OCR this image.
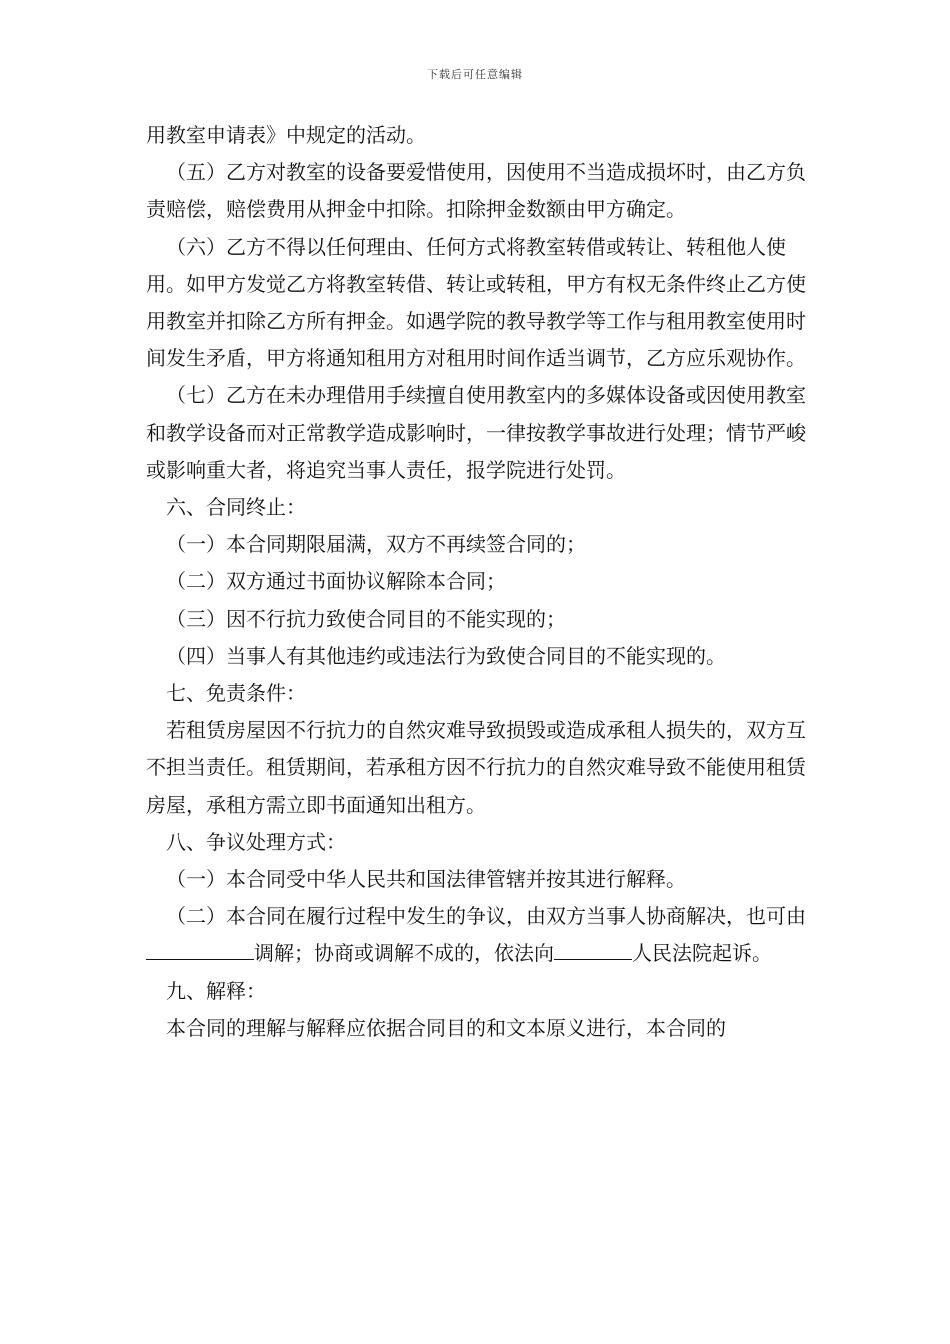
下载后可任意编辑

用教室申请表》中规定的活动。

（五）乙方对教室的设备要爱惜使用，因使用不当造成损坏时，由乙方负责赔偿，赔偿费用从押金中扣除。扣除押金数额由甲方确定。

（六）乙方不得以任何理由、任何方式将教室转借或转让、转租他人使用。如甲方发觉乙方将教室转借、转让或转租，甲方有权无条件终止乙方使用教室并扣除乙方所有押金。如遇学院的教导教学等工作与租用教室使用时间发生矛盾，甲方将通知租用方对租用时间作适当调节，乙方应乐观协作。

（七）乙方在未办理借用手续擅自使用教室内的多媒体设备或因使用教室和教学设备而对正常教学造成影响时，一律按教学事故进行处理；情节严峻或影响重大者，将追究当事人责任，报学院进行处罚。

六、合同终止：

（一）本合同期限届满，双方不再续签合同的；

（二）双方通过书面协议解除本合同；

（三）因不行抗力致使合同目的不能实现的；

（四）当事人有其他违约或违法行为致使合同目的不能实现的。

七、免责条件：

若租赁房屋因不行抗力的自然灾难导致损毁或造成承租人损失的，双方互不担当责任。租赁期间，若承租方因不行抗力的自然灾难导致不能使用租赁房屋，承租方需立即书面通知出租方。

八、争议处理方式：

（一）本合同受中华人民共和国法律管辖并按其进行解释。

（二）本合同在履行过程中发生的争议，由双方当事人协商解决，也可由调解；协商或调解不成的，依法向	人民法院起诉。

九、解释：

本合同的理解与解释应依据合同目的和文本原义进行，本合同的
